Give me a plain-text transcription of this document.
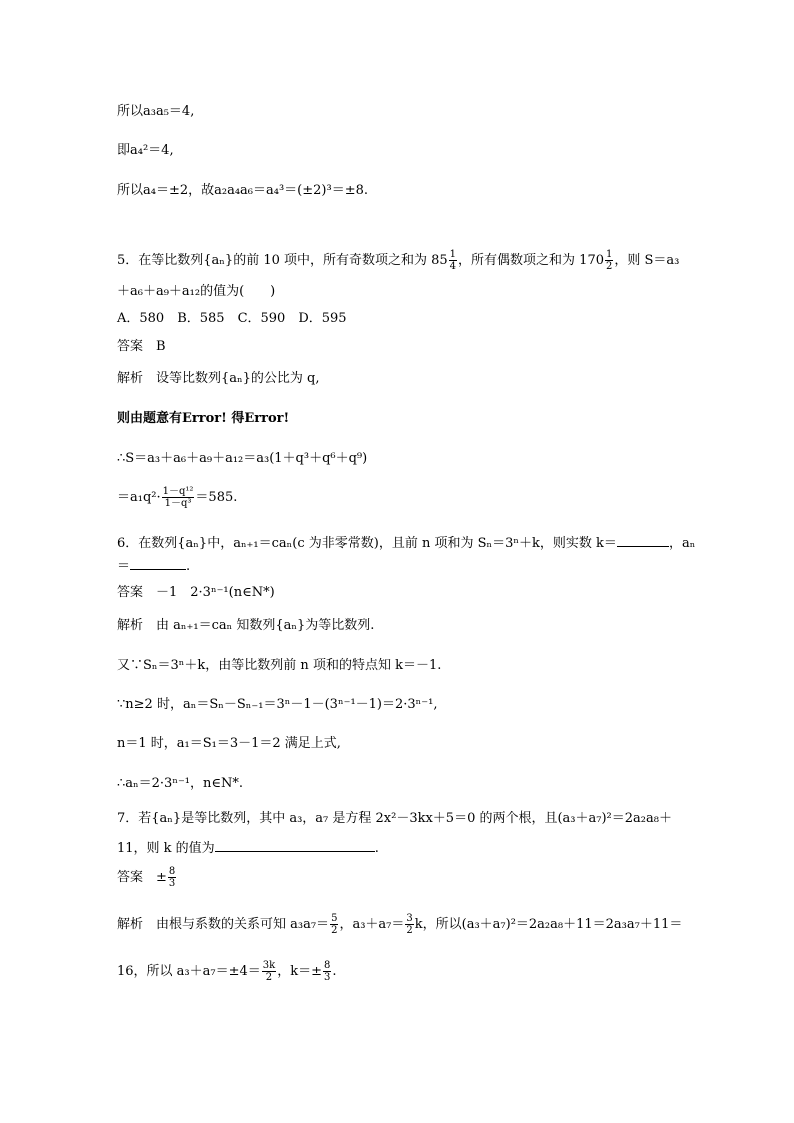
所以a₃a₅＝4,
即a₄²＝4,
所以a₄＝±2，故a₂a₄a₆＝a₄³＝(±2)³＝±8.
5．在等比数列{aₙ}的前 10 项中，所有奇数项之和为 $85 \frac{1}{4}$ ，所有偶数项之和为 $170 \frac{1}{2}$ ，则 S＝a₃
＋a₆＋a₉＋a₁₂的值为(　　)
A．580　B．585　C．590　D．595
答案　B
解析　设等比数列{aₙ}的公比为 q,
则由题意有Error! 得Error!
∴S＝a₃＋a₆＋a₉＋a₁₂＝a₃(1＋q³＋q⁶＋q⁹)
$=a_1q^2\cdot \frac{\text{1－q¹²}}{\text{1－q³}} =585$.
6．在数列{aₙ}中，aₙ₊₁＝caₙ(c 为非零常数)，且前 n 项和为 Sₙ＝3ⁿ＋k，则实数 k＝	，aₙ
＝	.
答案　－1　2·3ⁿ⁻¹(n∈N*)
解析　由 aₙ₊₁＝caₙ 知数列{aₙ}为等比数列.
又∵Sₙ＝3ⁿ＋k，由等比数列前 n 项和的特点知 k＝－1.
∵n≥2 时，aₙ＝Sₙ－Sₙ₋₁＝3ⁿ－1－(3ⁿ⁻¹－1)＝2·3ⁿ⁻¹,
n＝1 时，a₁＝S₁＝3－1＝2 满足上式,
∴aₙ＝2·3ⁿ⁻¹，n∈N*.
7．若{aₙ}是等比数列，其中 a₃，a₇ 是方程 2x²－3kx＋5＝0 的两个根，且(a₃＋a₇)²＝2a₂a₈＋
11，则 k 的值为	.
答案　± $\frac{8}{3}$
解析　由根与系数的关系可知 $a_3a_7= \frac{5}{2}$ ，$a_3+a_7= \frac{3}{2}$ k，所以(a₃＋a₇)²＝2a₂a₈＋11＝2a₃a₇＋11＝
16，所以 $a_3+a_7=\pm 4= \frac{3k}{2}$ ，$k=\pm \frac{8}{3}$ .
